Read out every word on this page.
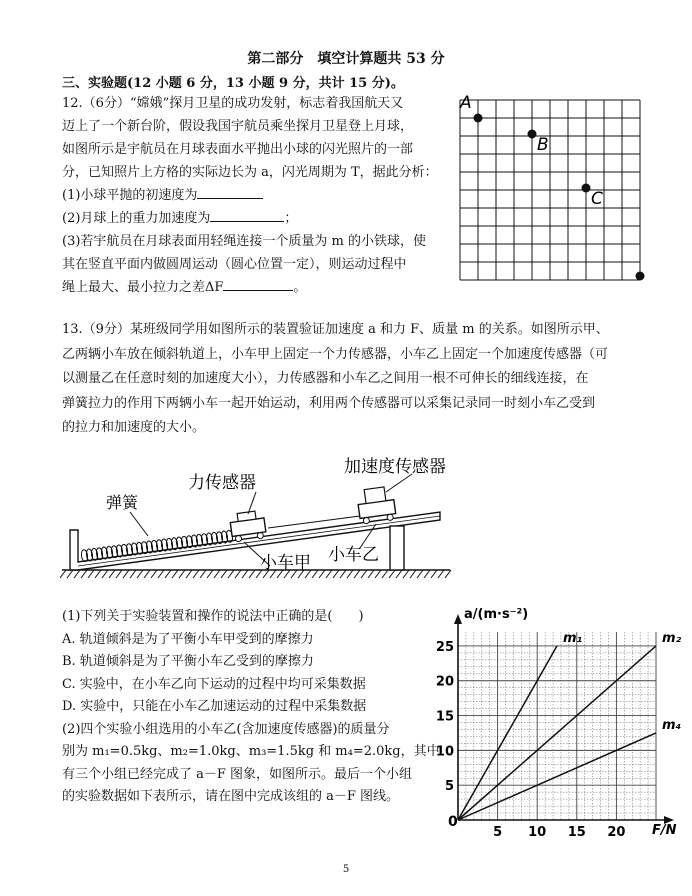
第二部分　填空计算题共 53 分
三、实验题(12 小题 6 分，13 小题 9 分，共计 15 分)。
12.（6分）“嫦娥”探月卫星的成功发射，标志着我国航天又
迈上了一个新台阶，假设我国宇航员乘坐探月卫星登上月球，
如图所示是宇航员在月球表面水平抛出小球的闪光照片的一部
分，已知照片上方格的实际边长为 a，闪光周期为 T，据此分析：
(1)小球平抛的初速度为
(2)月球上的重力加速度为	；
(3)若宇航员在月球表面用轻绳连接一个质量为 m 的小铁球，使
其在竖直平面内做圆周运动（圆心位置一定），则运动过程中
绳上最大、最小拉力之差ΔF	。
A
B
C
13.（9分）某班级同学用如图所示的装置验证加速度 a 和力 F、质量 m 的关系。如图所示甲、
乙两辆小车放在倾斜轨道上，小车甲上固定一个力传感器，小车乙上固定一个加速度传感器（可
以测量乙在任意时刻的加速度大小），力传感器和小车乙之间用一根不可伸长的细线连接，在
弹簧拉力的作用下两辆小车一起开始运动，利用两个传感器可以采集记录同一时刻小车乙受到
的拉力和加速度的大小。
力传感器
加速度传感器
弹簧
小车甲 小车乙
(1)下列关于实验装置和操作的说法中正确的是(　　)
A. 轨道倾斜是为了平衡小车甲受到的摩擦力
B. 轨道倾斜是为了平衡小车乙受到的摩擦力
C. 实验中，在小车乙向下运动的过程中均可采集数据
D. 实验中，只能在小车乙加速运动的过程中采集数据
(2)四个实验小组选用的小车乙(含加速度传感器)的质量分
别为 m₁=0.5kg、m₂=1.0kg、m₃=1.5kg 和 m₄=2.0kg，其中
有三个小组已经完成了 a－F 图象，如图所示。最后一个小组
的实验数据如下表所示，请在图中完成该组的 a－F 图线。
m₁	m₂
m₄
5 10 15 20
5
10
15
20
25
a/(m·s⁻²)
F/N
0
5
